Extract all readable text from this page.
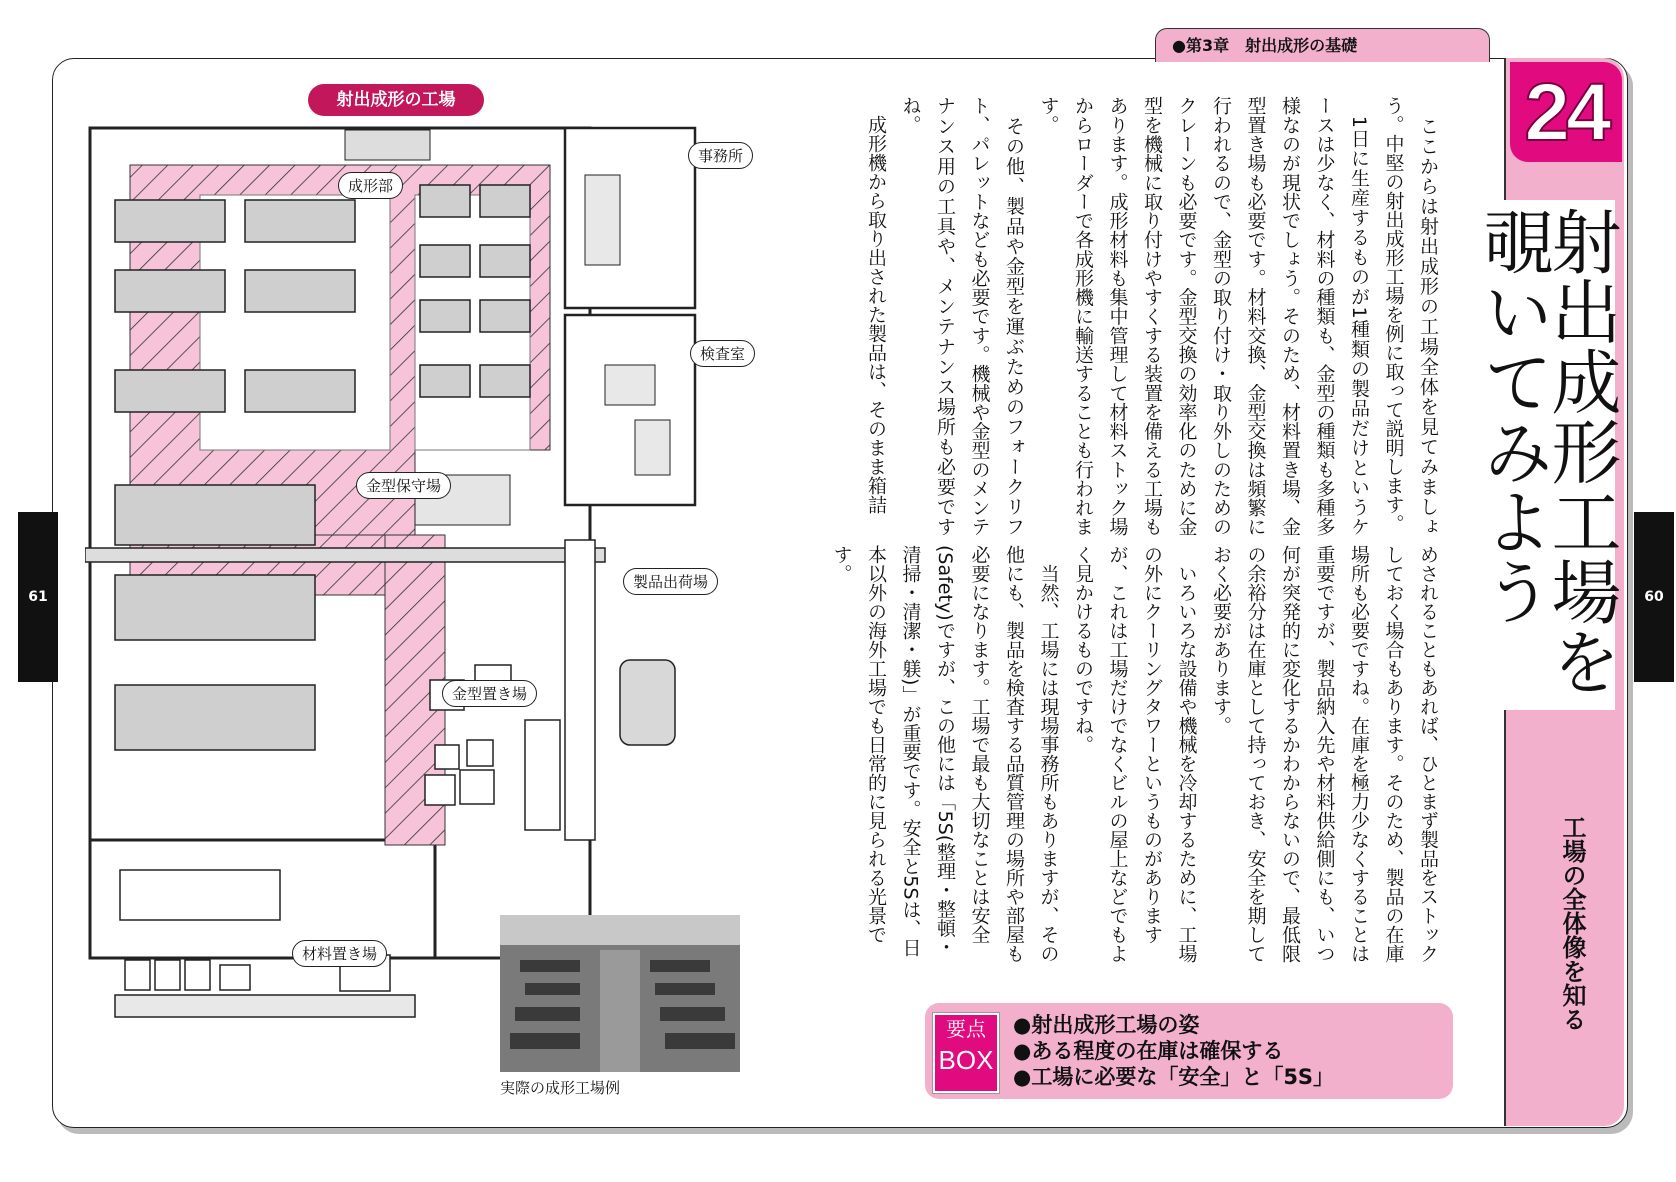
●第3章　射出成形の基礎
24
射出成形工場を
覗いてみよう
工場の全体像を知る
61	60
　ここからは射出成形の工場全体を見てみましょう。中堅の射出成形工場を例に取って説明します。
　1日に生産するものが1種類の製品だけというケースは少なく、材料の種類も、金型の種類も多種多様なのが現状でしょう。そのため、材料置き場、金型置き場も必要です。材料交換、金型交換は頻繁に行われるので、金型の取り付け・取り外しのためのクレーンも必要です。金型交換の効率化のために金型を機械に取り付けやすくする装置を備える工場もあります。成形材料も集中管理して材料ストック場からローダーで各成形機に輸送することも行われます。
　その他、製品や金型を運ぶためのフォークリフト、パレットなども必要です。機械や金型のメンテナンス用の工具や、メンテナンス場所も必要ですね。
　成形機から取り出された製品は、そのまま箱詰
めされることもあれば、ひとまず製品をストックしておく場合もあります。そのため、製品の在庫場所も必要ですね。在庫を極力少なくすることは重要ですが、製品納入先や材料供給側にも、いつ何が突発的に変化するかわからないので、最低限の余裕分は在庫として持っておき、安全を期しておく必要があります。
　いろいろな設備や機械を冷却するために、工場の外にクーリングタワーというものがありますが、これは工場だけでなくビルの屋上などでもよく見かけるものですね。
　当然、工場には現場事務所もありますが、その他にも、製品を検査する品質管理の場所や部屋も必要になります。工場で最も大切なことは安全(Safety)ですが、この他には「5S(整理・整頓・清掃・清潔・躾)」が重要です。安全と5Sは、日本以外の海外工場でも日常的に見られる光景です。
要点
BOX
●射出成形工場の姿
●ある程度の在庫は確保する
●工場に必要な「安全」と「5S」
射出成形の工場
成形部
事務所
検査室
金型保守場
製品出荷場
金型置き場
材料置き場
実際の成形工場例
